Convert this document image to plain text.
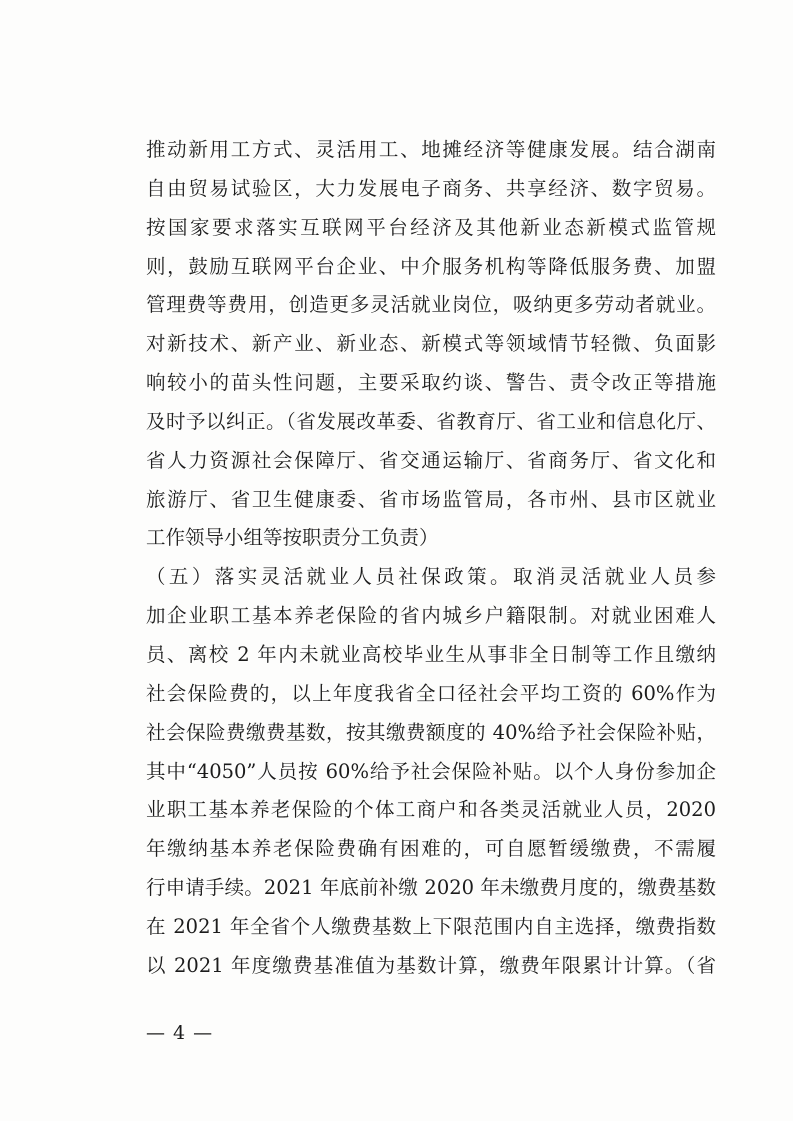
推动新用工方式、灵活用工、地摊经济等健康发展。结合湖南
自由贸易试验区，大力发展电子商务、共享经济、数字贸易。
按国家要求落实互联网平台经济及其他新业态新模式监管规
则，鼓励互联网平台企业、中介服务机构等降低服务费、加盟
管理费等费用，创造更多灵活就业岗位，吸纳更多劳动者就业。
对新技术、新产业、新业态、新模式等领域情节轻微、负面影
响较小的苗头性问题，主要采取约谈、警告、责令改正等措施
及时予以纠正。（省发展改革委、省教育厅、省工业和信息化厅、
省人力资源社会保障厅、省交通运输厅、省商务厅、省文化和
旅游厅、省卫生健康委、省市场监管局，各市州、县市区就业
工作领导小组等按职责分工负责）
（五）落实灵活就业人员社保政策。取消灵活就业人员参
加企业职工基本养老保险的省内城乡户籍限制。对就业困难人
员、离校 2 年内未就业高校毕业生从事非全日制等工作且缴纳
社会保险费的，以上年度我省全口径社会平均工资的 60%作为
社会保险费缴费基数，按其缴费额度的 40%给予社会保险补贴，
其中“4050”人员按 60%给予社会保险补贴。以个人身份参加企
业职工基本养老保险的个体工商户和各类灵活就业人员，2020
年缴纳基本养老保险费确有困难的，可自愿暂缓缴费，不需履
行申请手续。2021 年底前补缴 2020 年未缴费月度的，缴费基数
在 2021 年全省个人缴费基数上下限范围内自主选择，缴费指数
以 2021 年度缴费基准值为基数计算，缴费年限累计计算。（省
— 4 —
